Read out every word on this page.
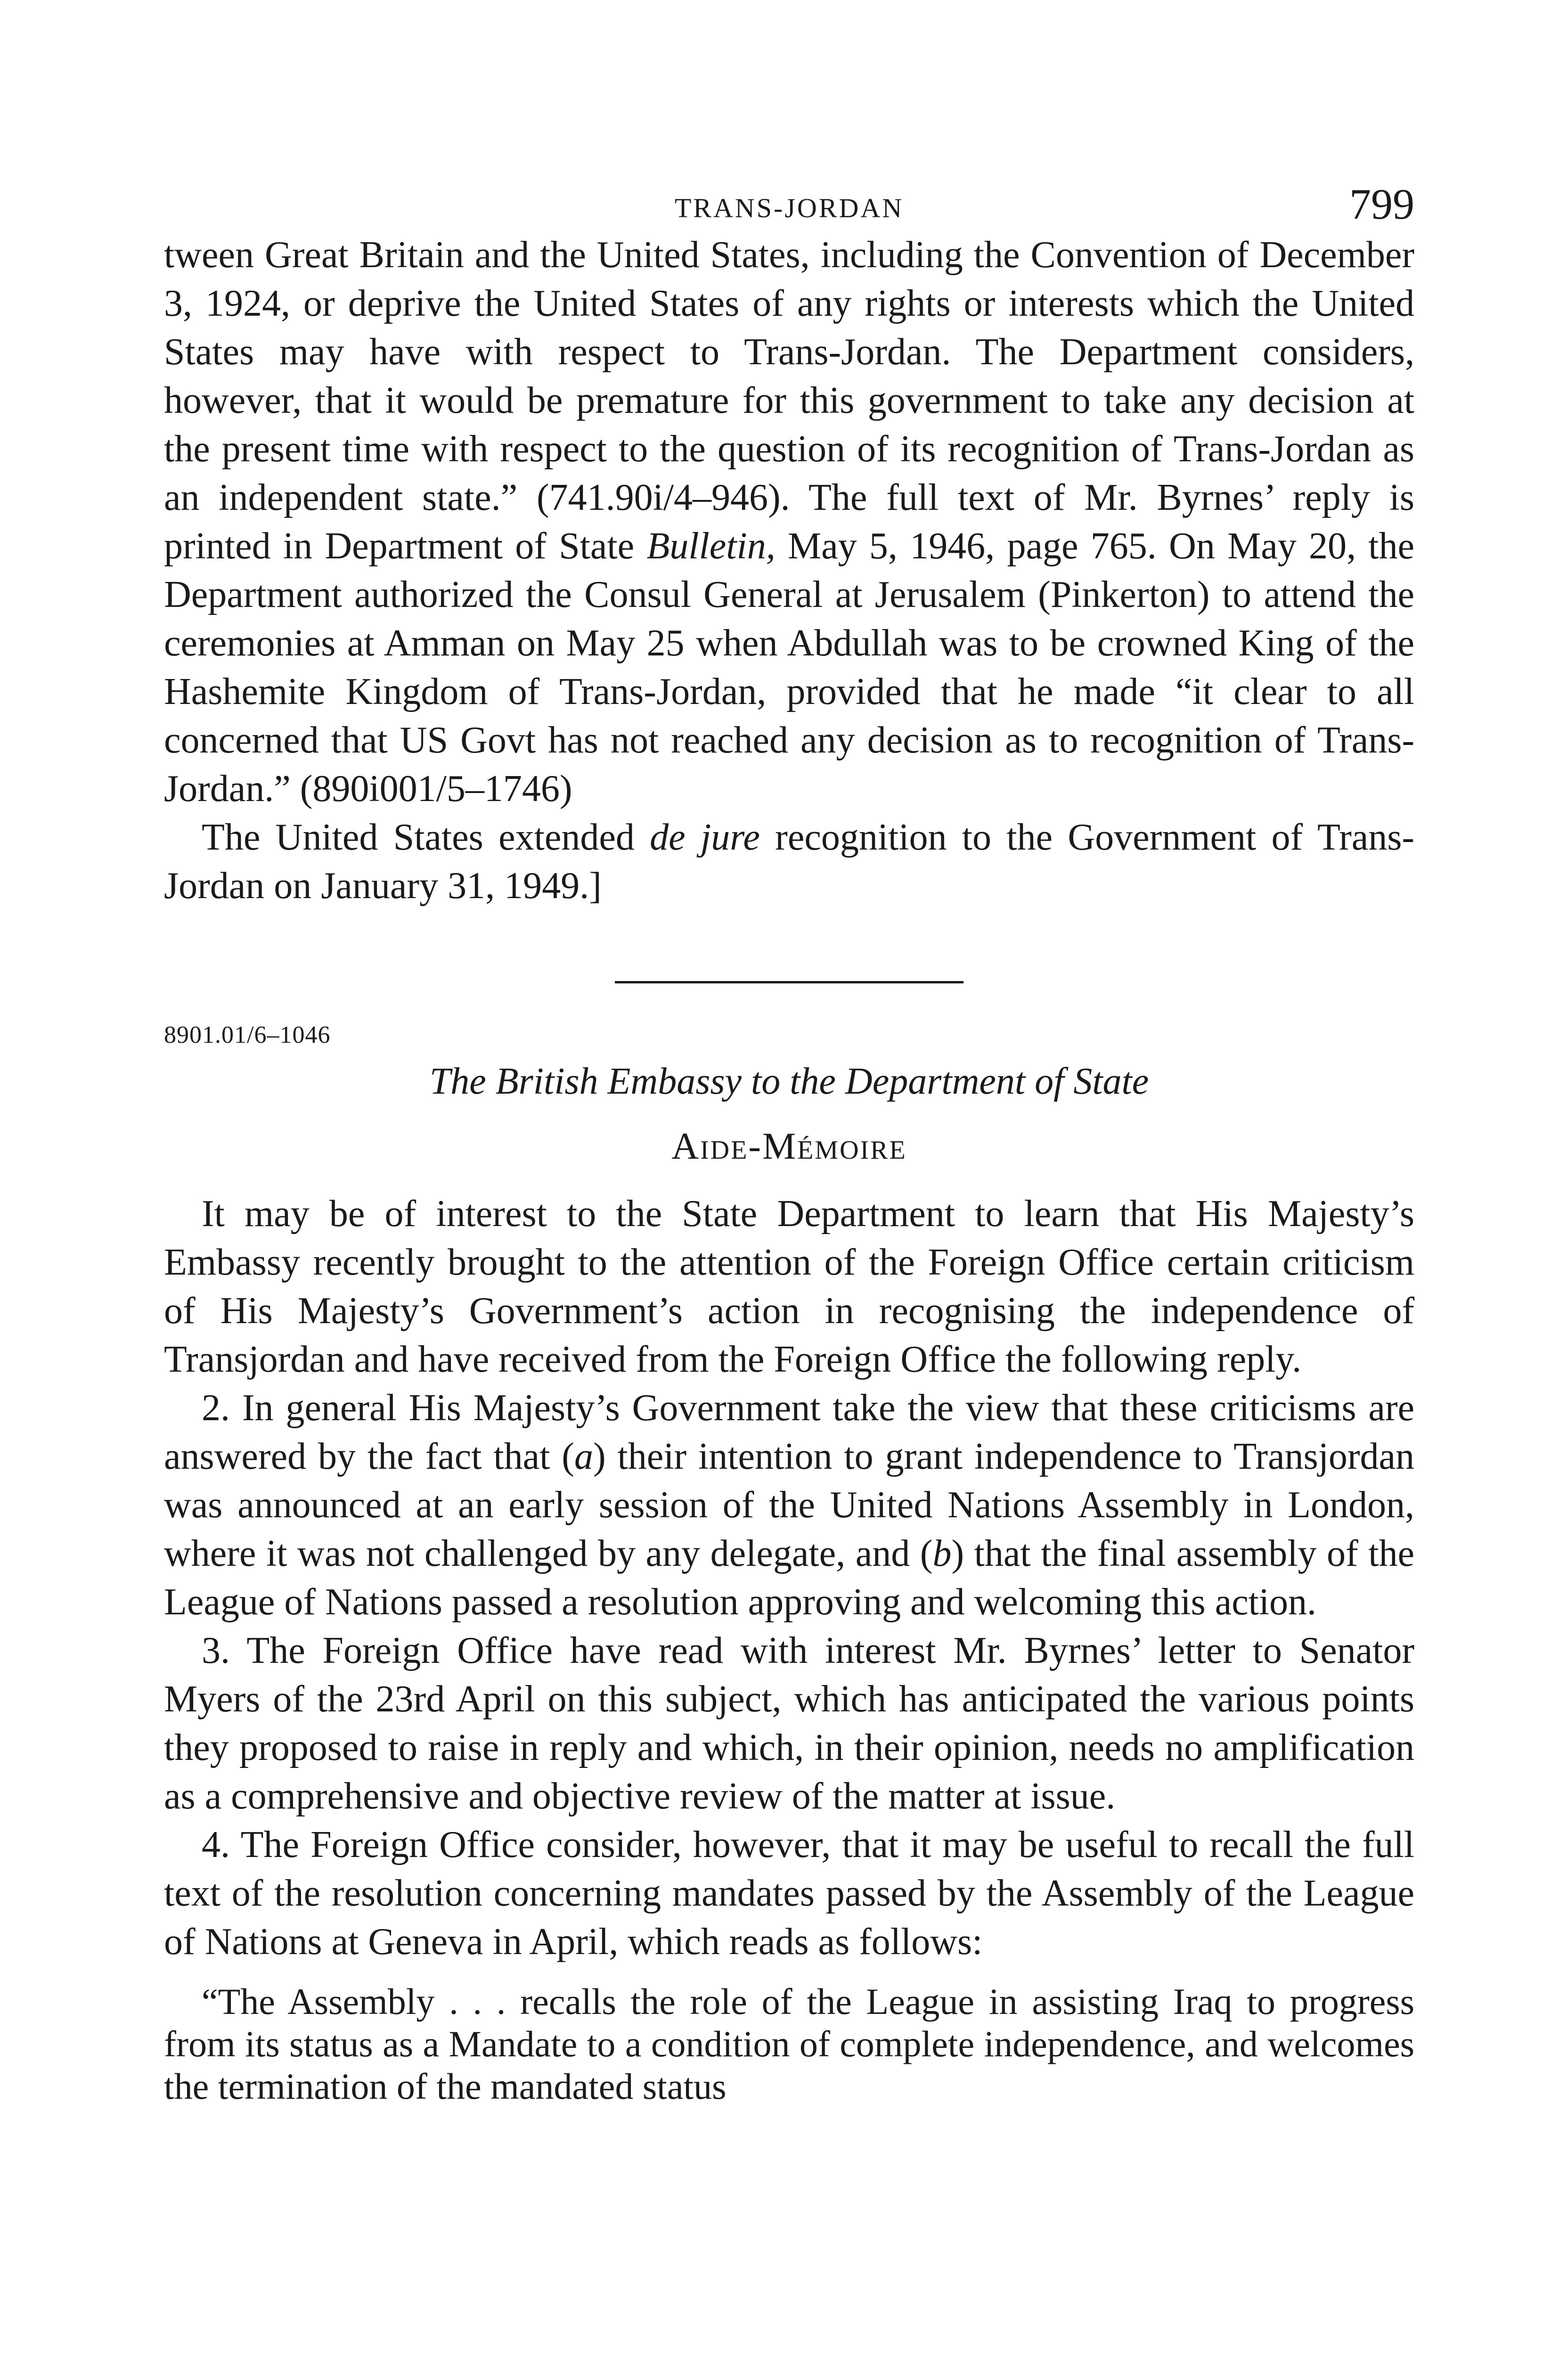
TRANS-JORDAN	799

tween Great Britain and the United States, including the Convention of December 3, 1924, or deprive the United States of any rights or interests which the United States may have with respect to Trans-Jordan. The Department considers, however, that it would be premature for this government to take any decision at the present time with respect to the question of its recognition of Trans-Jordan as an independent state.” (741.90i/4–946). The full text of Mr. Byrnes’ reply is printed in Department of State Bulletin, May 5, 1946, page 765. On May 20, the Department authorized the Consul General at Jerusalem (Pinkerton) to attend the ceremonies at Amman on May 25 when Abdullah was to be crowned King of the Hashemite Kingdom of Trans-Jordan, provided that he made “it clear to all concerned that US Govt has not reached any decision as to recognition of Trans-Jordan.” (890i001/5–1746)

The United States extended de jure recognition to the Government of Trans-Jordan on January 31, 1949.]

8901.01/6–1046
The British Embassy to the Department of State
Aide-Mémoire

It may be of interest to the State Department to learn that His Majesty’s Embassy recently brought to the attention of the Foreign Office certain criticism of His Majesty’s Government’s action in recognising the independence of Transjordan and have received from the Foreign Office the following reply.

2. In general His Majesty’s Government take the view that these criticisms are answered by the fact that (a) their intention to grant independence to Transjordan was announced at an early session of the United Nations Assembly in London, where it was not challenged by any delegate, and (b) that the final assembly of the League of Nations passed a resolution approving and welcoming this action.

3. The Foreign Office have read with interest Mr. Byrnes’ letter to Senator Myers of the 23rd April on this subject, which has anticipated the various points they proposed to raise in reply and which, in their opinion, needs no amplification as a comprehensive and objective review of the matter at issue.

4. The Foreign Office consider, however, that it may be useful to recall the full text of the resolution concerning mandates passed by the Assembly of the League of Nations at Geneva in April, which reads as follows:

“The Assembly . . . recalls the role of the League in assisting Iraq to progress from its status as a Mandate to a condition of complete independence, and welcomes the termination of the mandated status
